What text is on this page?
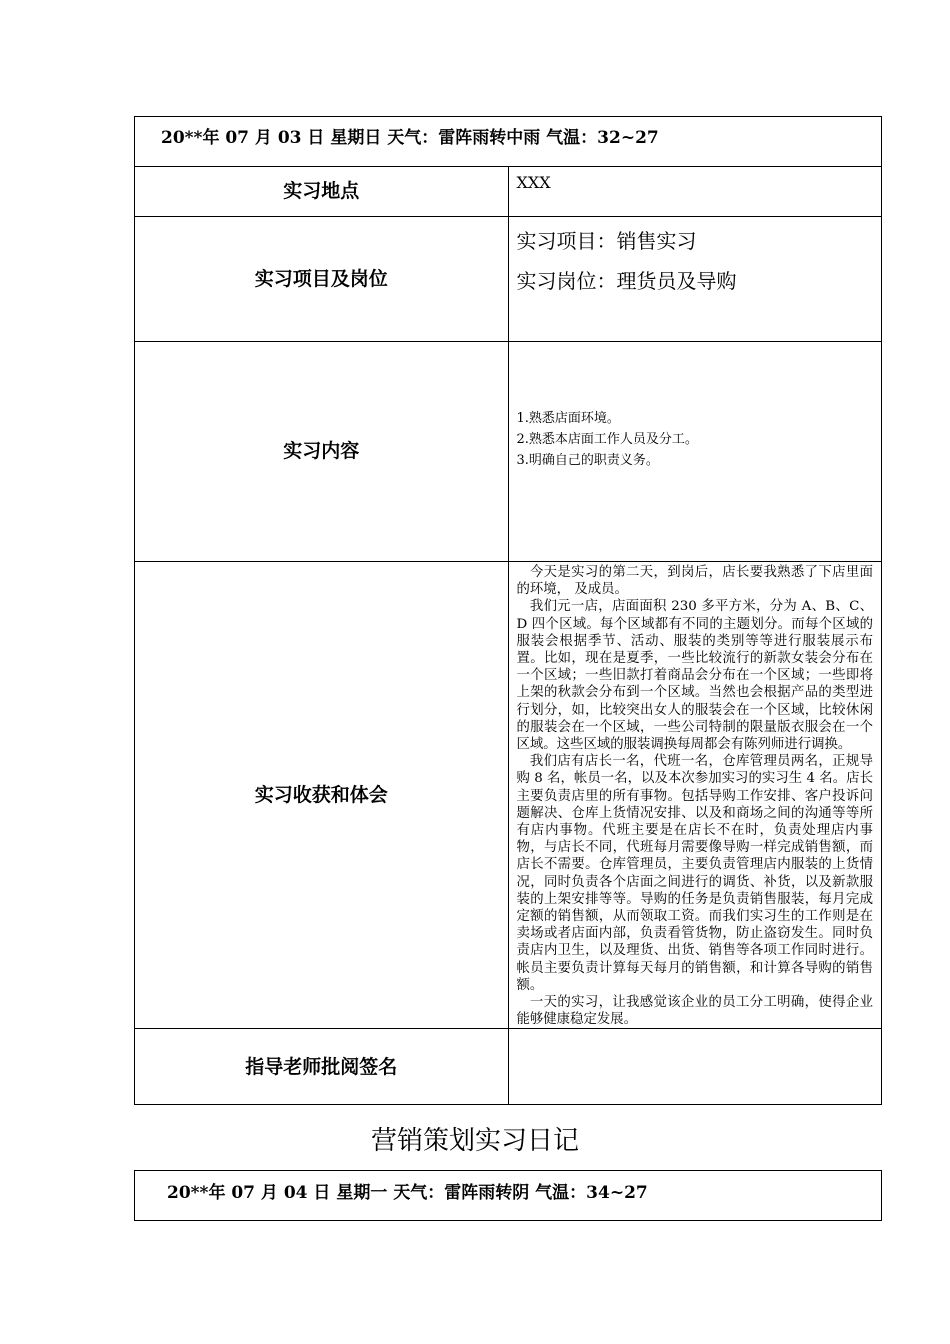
20**年 07 月 03 日 星期日 天气：雷阵雨转中雨 气温：32~27	
实习地点	XXX

实习项目及岗位	实习项目：销售实习
实习岗位：理货员及导购

实习内容	1.熟悉店面环境。
2.熟悉本店面工作人员及分工。
3.明确自己的职责义务。

实习收获和体会	今天是实习的第二天，到岗后，店长要我熟悉了下店里面的环境， 及成员。

我们元一店，店面面积 230 多平方米，分为 A、B、C、D 四个区域。每个区域都有不同的主题划分。而每个区域的服装会根据季节、活动、服装的类别等等进行服装展示布置。比如，现在是夏季，一些比较流行的新款女装会分布在一个区域；一些旧款打着商品会分布在一个区域；一些即将上架的秋款会分布到一个区域。当然也会根据产品的类型进行划分，如，比较突出女人的服装会在一个区域，比较休闲的服装会在一个区域，一些公司特制的限量版衣服会在一个区域。这些区域的服装调换每周都会有陈列师进行调换。

我们店有店长一名，代班一名，仓库管理员两名，正规导购 8 名，帐员一名，以及本次参加实习的实习生 4 名。店长主要负责店里的所有事物。包括导购工作安排、客户投诉问题解决、仓库上货情况安排、以及和商场之间的沟通等等所有店内事物。代班主要是在店长不在时，负责处理店内事物，与店长不同，代班每月需要像导购一样完成销售额，而店长不需要。仓库管理员，主要负责管理店内服装的上货情况，同时负责各个店面之间进行的调货、补货，以及新款服装的上架安排等等。导购的任务是负责销售服装，每月完成定额的销售额，从而领取工资。而我们实习生的工作则是在卖场或者店面内部，负责看管货物，防止盗窃发生。同时负责店内卫生，以及理货、出货、销售等各项工作同时进行。帐员主要负责计算每天每月的销售额，和计算各导购的销售额。

一天的实习，让我感觉该企业的员工分工明确，使得企业能够健康稳定发展。

指导老师批阅签名	
营销策划实习日记
20**年 07 月 04 日 星期一 天气：雷阵雨转阴 气温：34~27
